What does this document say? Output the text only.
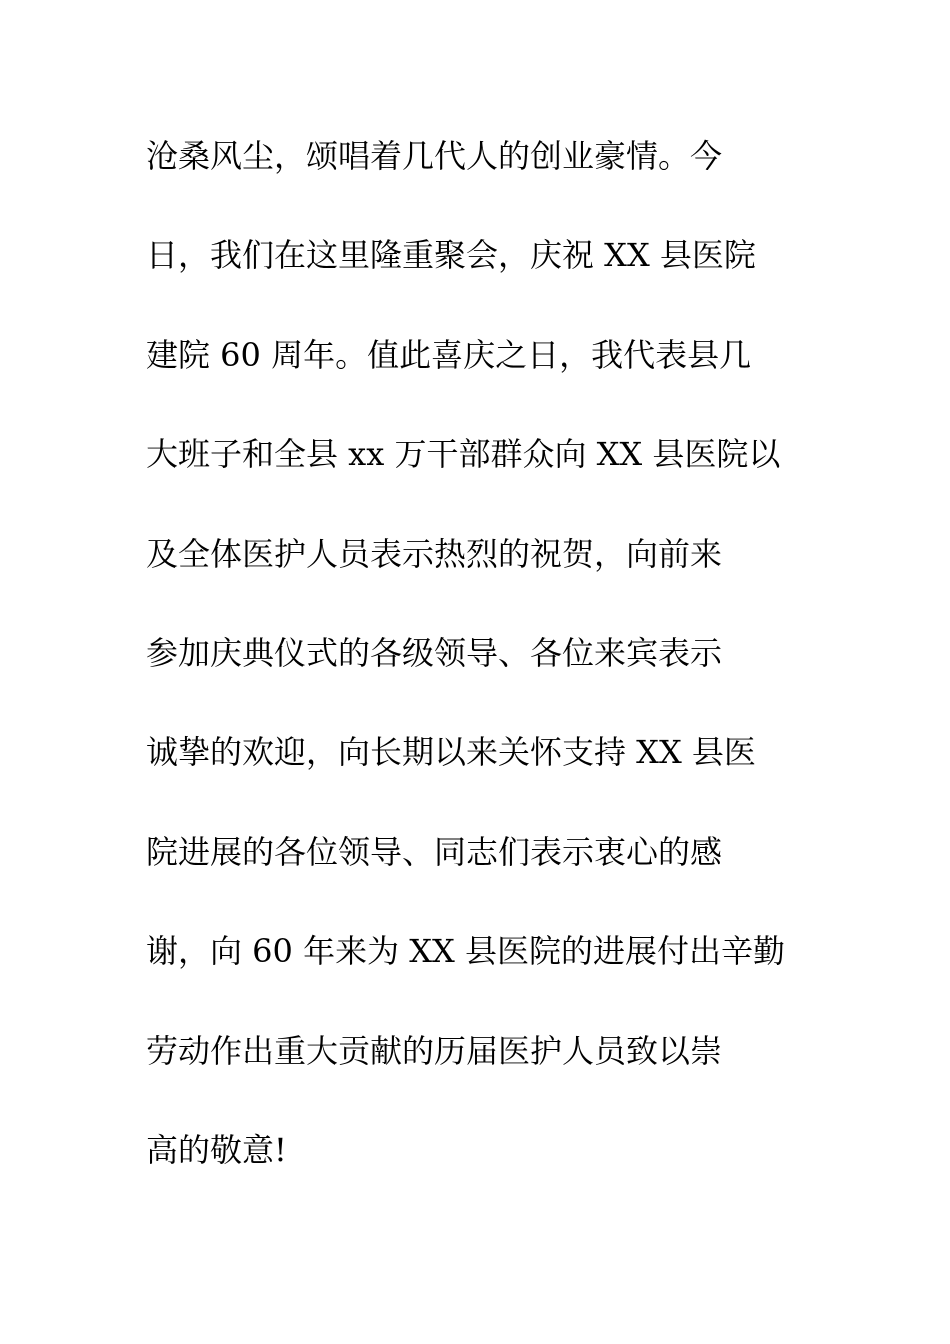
沧桑风尘，颂唱着几代人的创业豪情。今
日，我们在这里隆重聚会，庆祝 XX 县医院
建院 60 周年。值此喜庆之日，我代表县几
大班子和全县 xx 万干部群众向 XX 县医院以
及全体医护人员表示热烈的祝贺，向前来
参加庆典仪式的各级领导、各位来宾表示
诚挚的欢迎，向长期以来关怀支持 XX 县医
院进展的各位领导、同志们表示衷心的感
谢，向 60 年来为 XX 县医院的进展付出辛勤
劳动作出重大贡献的历届医护人员致以崇
高的敬意!
